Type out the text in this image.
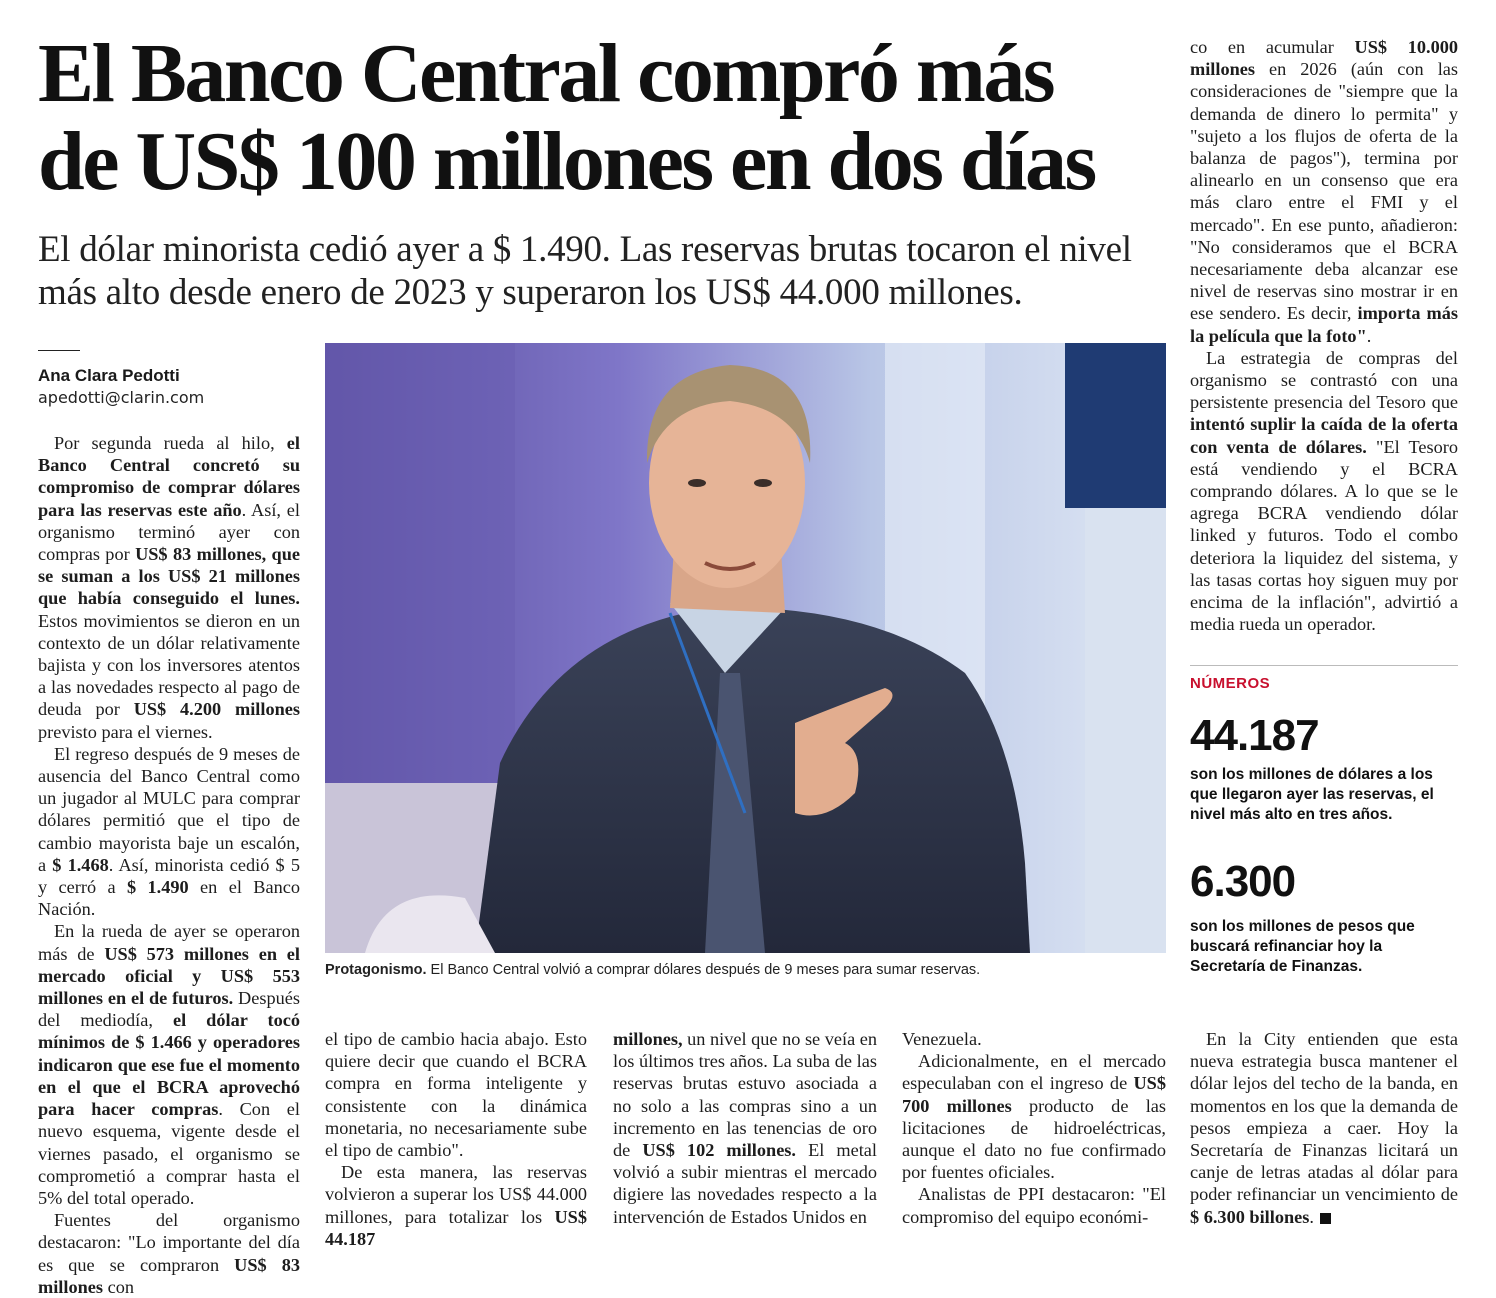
El Banco Central compró más
de US$ 100 millones en dos días
El dólar minorista cedió ayer a $ 1.490. Las reservas brutas tocaron el nivel
más alto desde enero de 2023 y superaron los US$ 44.000 millones.
Ana Clara Pedotti
apedotti@clarin.com

Por segunda rueda al hilo, el Banco Central concretó su compromiso de comprar dólares para las reservas este año. Así, el organismo terminó ayer con compras por US$ 83 millones, que se suman a los US$ 21 millones que había conseguido el lunes. Estos movimientos se dieron en un contexto de un dólar relativamente bajista y con los inversores atentos a las novedades respecto al pago de deuda por US$ 4.200 millones previsto para el viernes.

El regreso después de 9 meses de ausencia del Banco Central como un jugador al MULC para comprar dólares permitió que el tipo de cambio mayorista baje un escalón, a $ 1.468. Así, minorista cedió $ 5 y cerró a $ 1.490 en el Banco Nación.

En la rueda de ayer se operaron más de US$ 573 millones en el mercado oficial y US$ 553 millones en el de futuros. Después del mediodía, el dólar tocó mínimos de $ 1.466 y operadores indicaron que ese fue el momento en el que el BCRA aprovechó para hacer compras. Con el nuevo esquema, vigente desde el viernes pasado, el organismo se comprometió a comprar hasta el 5% del total operado.

Fuentes del organismo destacaron: "Lo importante del día es que se compraron US$ 83 millones con

Protagonismo. El Banco Central volvió a comprar dólares después de 9 meses para sumar reservas.

el tipo de cambio hacia abajo. Esto quiere decir que cuando el BCRA compra en forma inteligente y consistente con la dinámica monetaria, no necesariamente sube el tipo de cambio".

De esta manera, las reservas volvieron a superar los US$ 44.000 millones, para totalizar los US$ 44.187

millones, un nivel que no se veía en los últimos tres años. La suba de las reservas brutas estuvo asociada a no solo a las compras sino a un incremento en las tenencias de oro de US$ 102 millones. El metal volvió a subir mientras el mercado digiere las novedades respecto a la intervención de Estados Unidos en

Venezuela.

Adicionalmente, en el mercado especulaban con el ingreso de US$ 700 millones producto de las licitaciones de hidroeléctricas, aunque el dato no fue confirmado por fuentes oficiales.

Analistas de PPI destacaron: "El compromiso del equipo económi-

co en acumular US$ 10.000 millones en 2026 (aún con las consideraciones de "siempre que la demanda de dinero lo permita" y "sujeto a los flujos de oferta de la balanza de pagos"), termina por alinearlo en un consenso que era más claro entre el FMI y el mercado". En ese punto, añadieron: "No consideramos que el BCRA necesariamente deba alcanzar ese nivel de reservas sino mostrar ir en ese sendero. Es decir, importa más la película que la foto".

La estrategia de compras del organismo se contrastó con una persistente presencia del Tesoro que intentó suplir la caída de la oferta con venta de dólares. "El Tesoro está vendiendo y el BCRA comprando dólares. A lo que se le agrega BCRA vendiendo dólar linked y futuros. Todo el combo deteriora la liquidez del sistema, y las tasas cortas hoy siguen muy por encima de la inflación", advirtió a media rueda un operador.

NÚMEROS
44.187
son los millones de dólares a los que llegaron ayer las reservas, el nivel más alto en tres años.
6.300
son los millones de pesos que buscará refinanciar hoy la Secretaría de Finanzas.

En la City entienden que esta nueva estrategia busca mantener el dólar lejos del techo de la banda, en momentos en los que la demanda de pesos empieza a caer. Hoy la Secretaría de Finanzas licitará un canje de letras atadas al dólar para poder refinanciar un vencimiento de $ 6.300 billones.
